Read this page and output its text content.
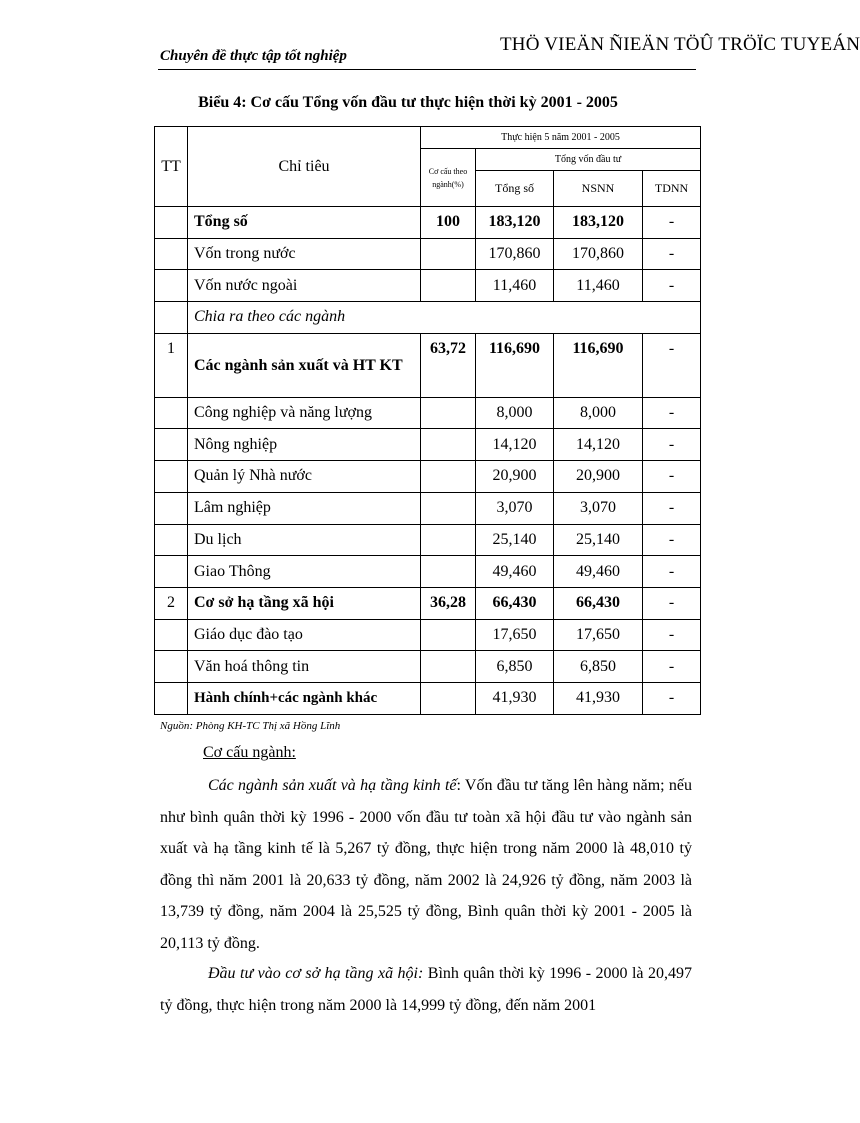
Chuyên đề thực tập tốt nghiệp
THÖ VIEÄN ÑIEÄN TÖÛ TRÖÏC TUYEÁN
Biểu 4: Cơ cấu Tổng vốn đầu tư thực hiện thời kỳ 2001 - 2005
TT	Chỉ tiêu	Thực hiện 5 năm 2001 - 2005			
		Cơ cấu theo ngành(%)	Tổng vốn đầu tư		
			Tổng số	NSNN	TDNN
	Tổng số	100	183,120	183,120	-
	Vốn trong nước		170,860	170,860	-
	Vốn nước ngoài		11,460	11,460	-
	Chia ra theo các ngành				
1	Các ngành sản xuất và HT KT	63,72	116,690	116,690	-
	Công nghiệp và năng lượng		8,000	8,000	-
	Nông nghiệp		14,120	14,120	-
	Quản lý Nhà nước		20,900	20,900	-
	Lâm nghiệp		3,070	3,070	-
	Du lịch		25,140	25,140	-
	Giao Thông		49,460	49,460	-
2	Cơ sở hạ tầng xã hội	36,28	66,430	66,430	-
	Giáo dục đào tạo		17,650	17,650	-
	Văn hoá thông tin		6,850	6,850	-
	Hành chính+các ngành khác		41,930	41,930	-
Nguồn: Phòng KH-TC Thị xã Hồng Lĩnh
Cơ cấu ngành:
Các ngành sản xuất và hạ tầng kinh tế: Vốn đầu tư tăng lên hàng năm; nếu như bình quân thời kỳ 1996 - 2000 vốn đầu tư toàn xã hội đầu tư vào ngành sản xuất và hạ tầng kinh tế là 5,267 tỷ đồng, thực hiện trong năm 2000 là 48,010 tỷ đồng thì năm 2001 là 20,633 tỷ đồng, năm 2002 là 24,926 tỷ đồng, năm 2003 là 13,739 tỷ đồng, năm 2004 là 25,525 tỷ đồng, Bình quân thời kỳ 2001 - 2005 là 20,113 tỷ đồng.
Đầu tư vào cơ sở hạ tầng xã hội: Bình quân thời kỳ 1996 - 2000 là 20,497 tỷ đồng, thực hiện trong năm 2000 là 14,999 tỷ đồng, đến năm 2001
